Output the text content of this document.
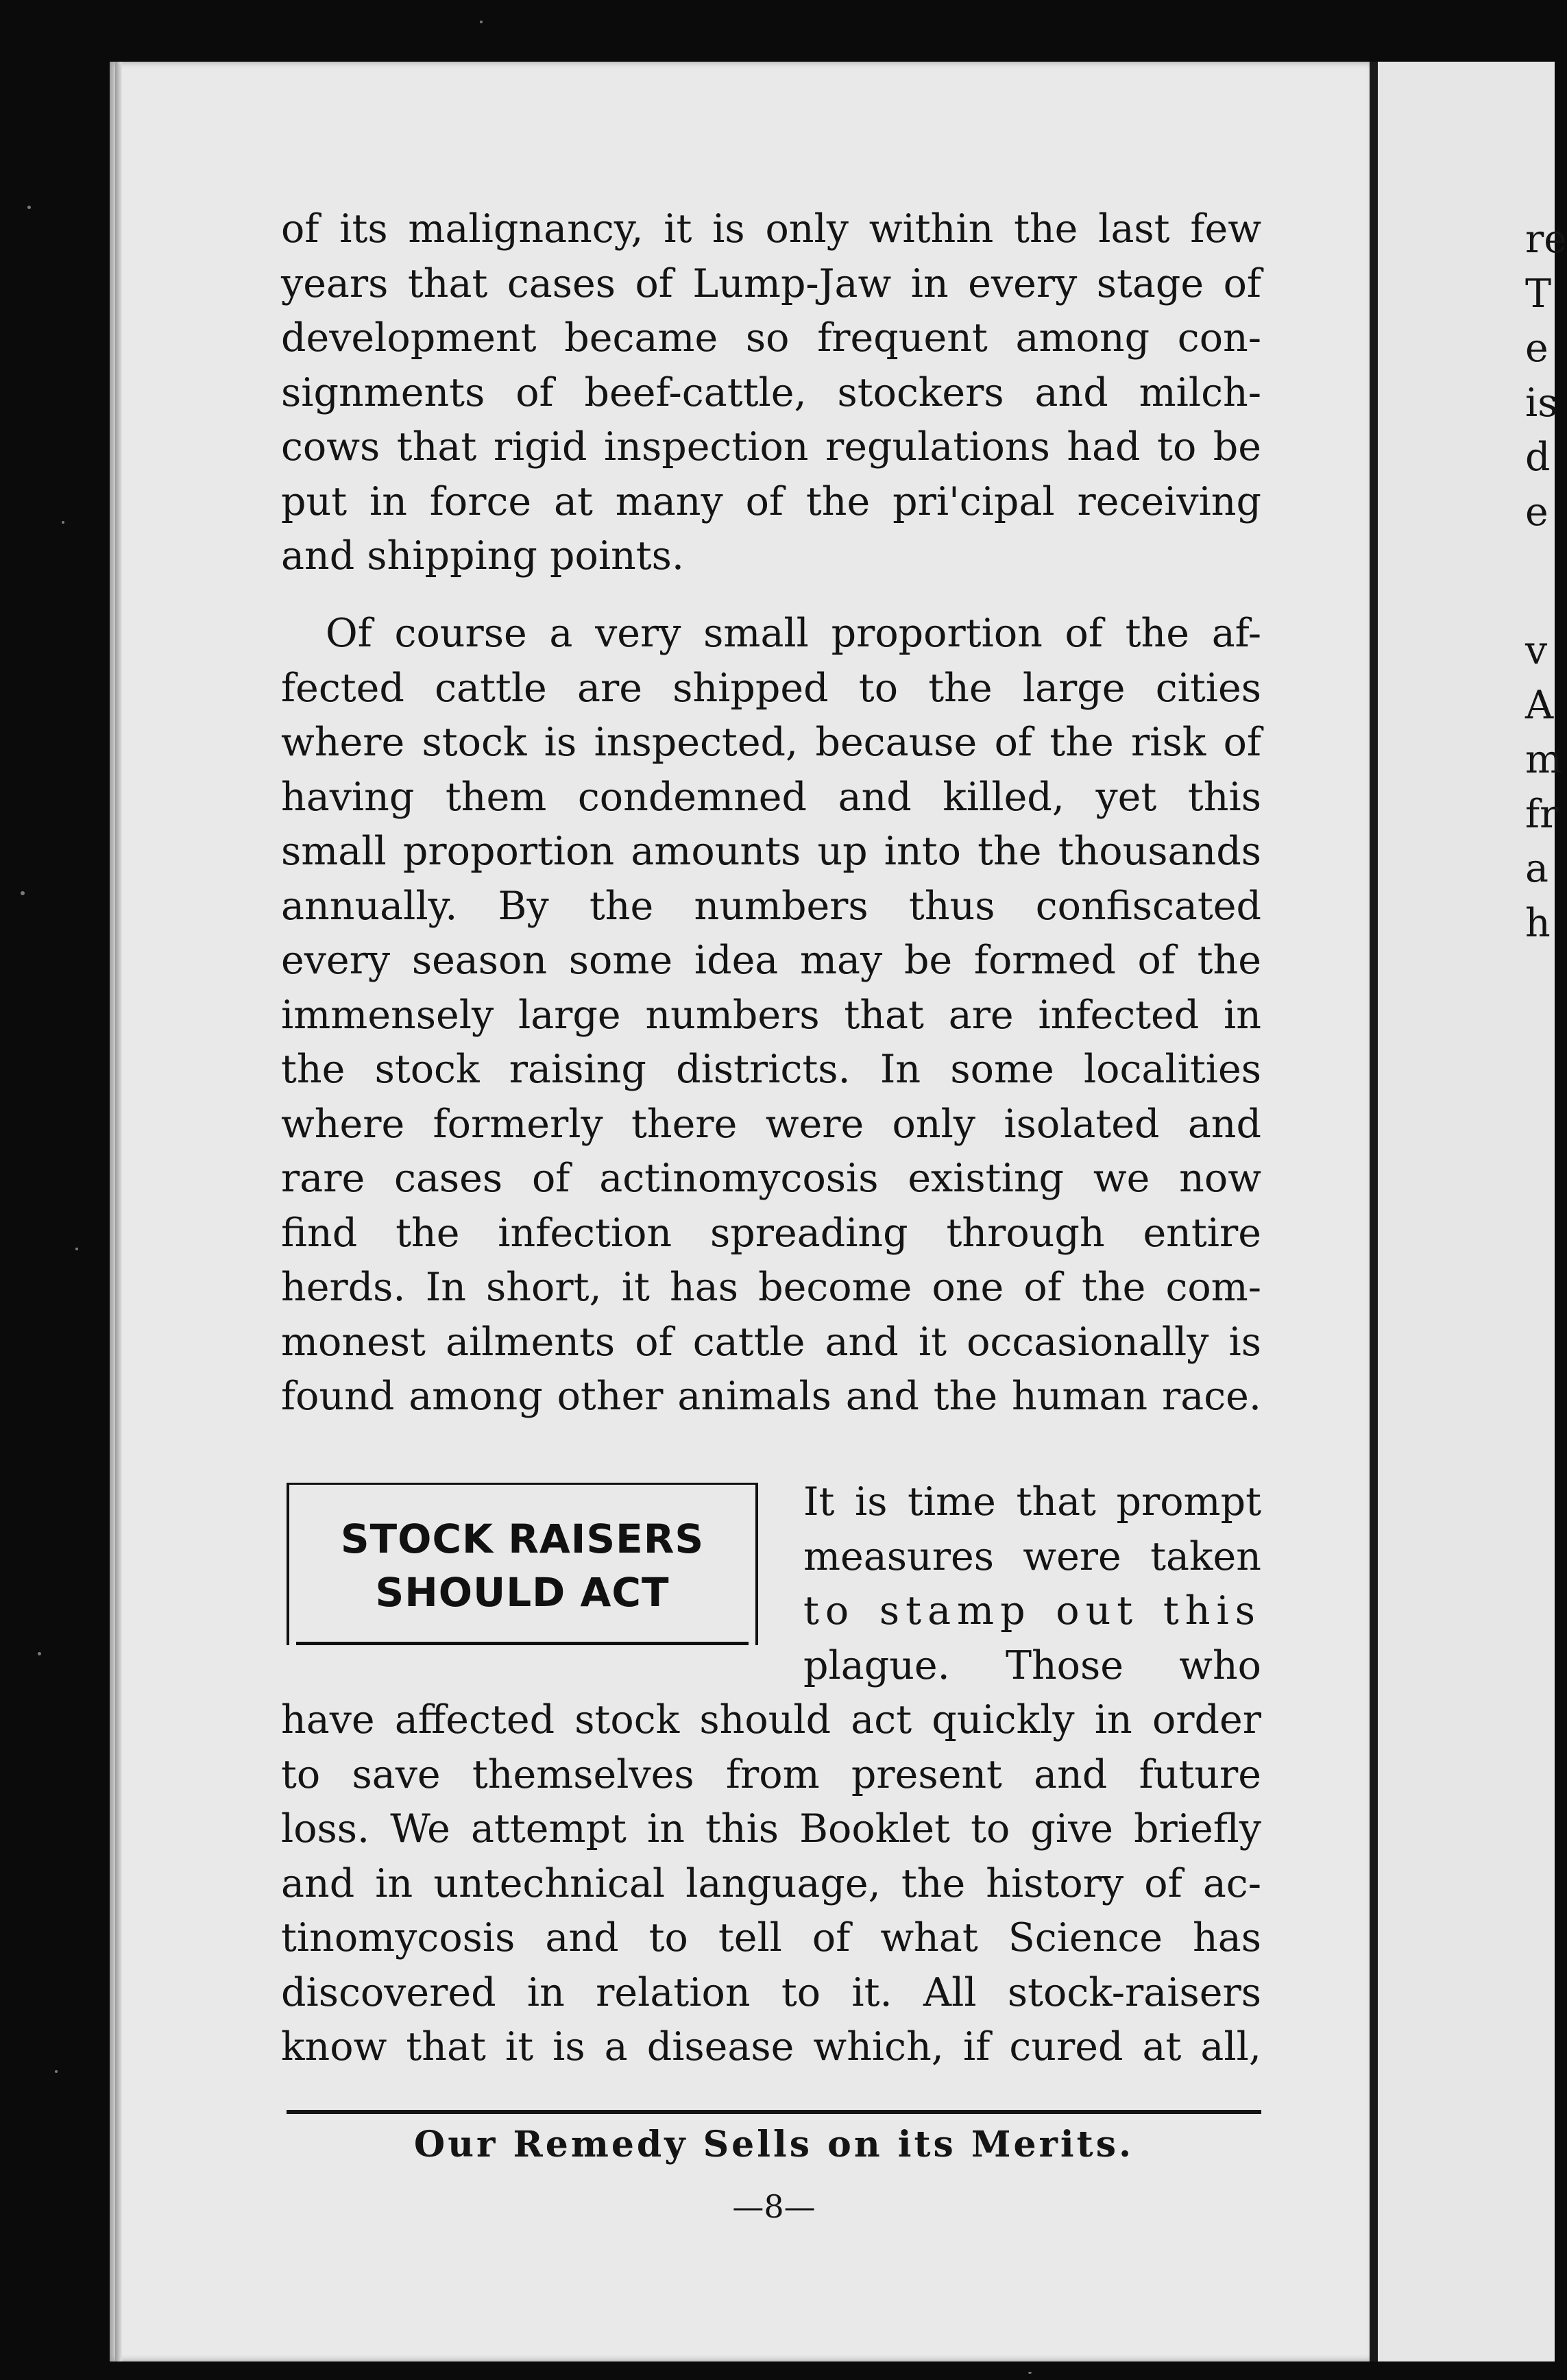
of its malignancy, it is only within the last few
years that cases of Lump-Jaw in every stage of
development became so frequent among con-
signments of beef-cattle, stockers and milch-
cows that rigid inspection regulations had to be
put in force at many of the pri'cipal receiving
and shipping points.

Of course a very small proportion of the af-
fected cattle are shipped to the large cities
where stock is inspected, because of the risk of
having them condemned and killed, yet this
small proportion amounts up into the thousands
annually. By the numbers thus confiscated
every season some idea may be formed of the
immensely large numbers that are infected in
the stock raising districts. In some localities
where formerly there were only isolated and
rare cases of actinomycosis existing we now
find the infection spreading through entire
herds. In short, it has become one of the com-
monest ailments of cattle and it occasionally is
found among other animals and the human race.

STOCK RAISERS
SHOULD ACT

It is time that prompt
measures were taken
to stamp out this
plague. Those who

have affected stock should act quickly in order
to save themselves from present and future
loss. We attempt in this Booklet to give briefly
and in untechnical language, the history of ac-
tinomycosis and to tell of what Science has
discovered in relation to it. All stock-raisers
know that it is a disease which, if cured at all,

Our Remedy Sells on its Merits.
—8—

re
T
e
is
d
e

v
A
m
fr
a
h
